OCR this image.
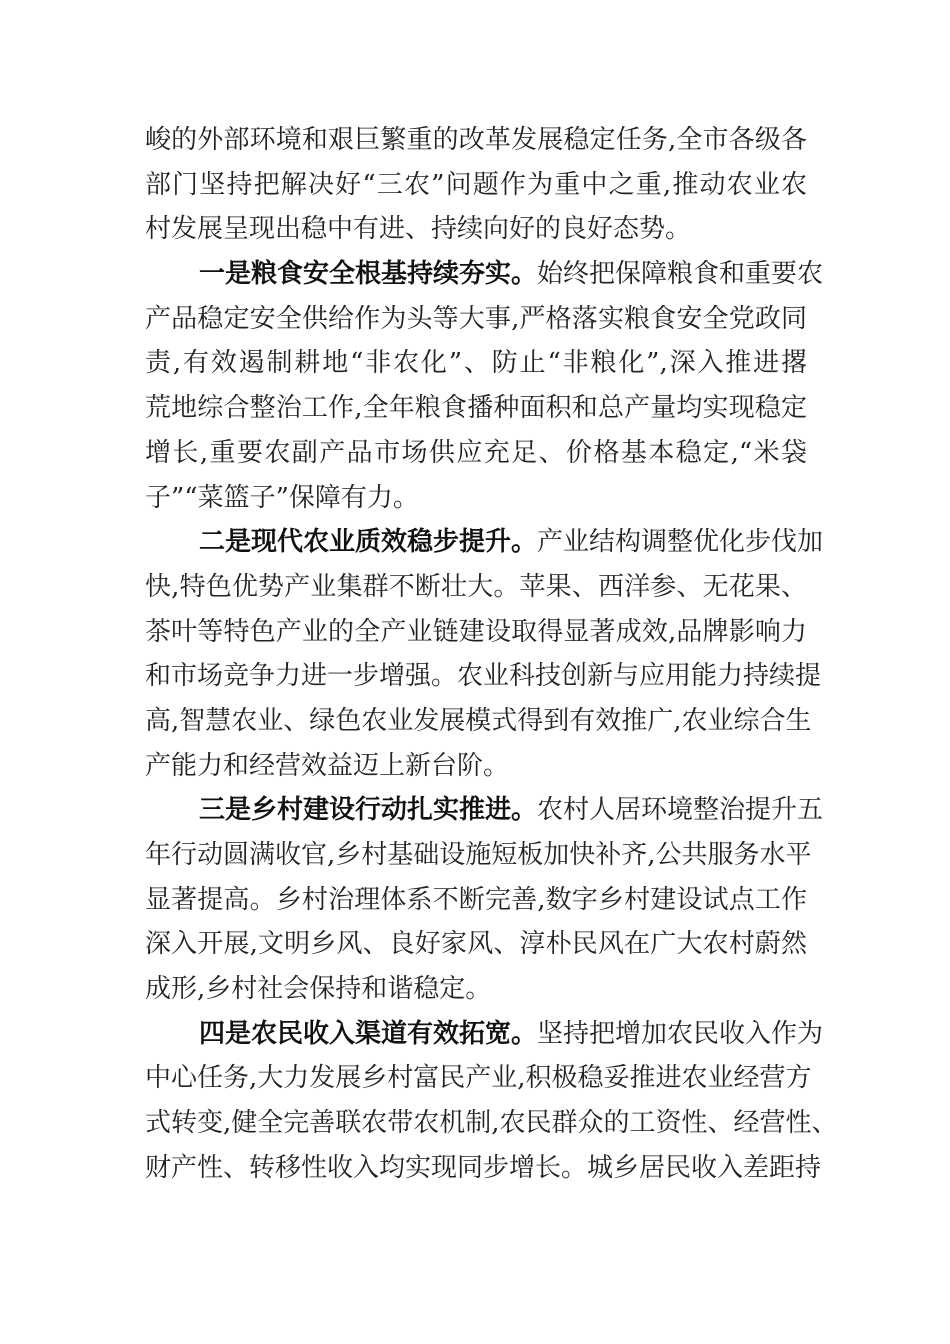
峻的外部环境和艰巨繁重的改革发展稳定任务,全市各级各
部门坚持把解决好“三农”问题作为重中之重,推动农业农
村发展呈现出稳中有进、持续向好的良好态势。
一是粮食安全根基持续夯实。始终把保障粮食和重要农
产品稳定安全供给作为头等大事,严格落实粮食安全党政同
责,有效遏制耕地“非农化”、防止“非粮化”,深入推进撂
荒地综合整治工作,全年粮食播种面积和总产量均实现稳定
增长,重要农副产品市场供应充足、价格基本稳定,“米袋
子”“菜篮子”保障有力。
二是现代农业质效稳步提升。产业结构调整优化步伐加
快,特色优势产业集群不断壮大。苹果、西洋参、无花果、
茶叶等特色产业的全产业链建设取得显著成效,品牌影响力
和市场竞争力进一步增强。农业科技创新与应用能力持续提
高,智慧农业、绿色农业发展模式得到有效推广,农业综合生
产能力和经营效益迈上新台阶。
三是乡村建设行动扎实推进。农村人居环境整治提升五
年行动圆满收官,乡村基础设施短板加快补齐,公共服务水平
显著提高。乡村治理体系不断完善,数字乡村建设试点工作
深入开展,文明乡风、良好家风、淳朴民风在广大农村蔚然
成形,乡村社会保持和谐稳定。
四是农民收入渠道有效拓宽。坚持把增加农民收入作为
中心任务,大力发展乡村富民产业,积极稳妥推进农业经营方
式转变,健全完善联农带农机制,农民群众的工资性、经营性、
财产性、转移性收入均实现同步增长。城乡居民收入差距持
